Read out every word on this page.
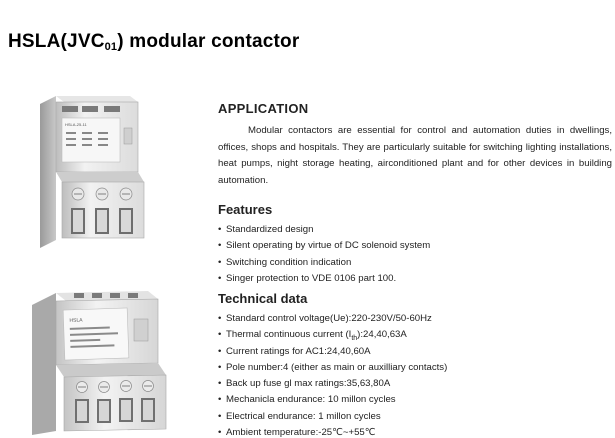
$HSLA(JVC_{01})$ modular contactor
HSLA-25-11
HSLA
APPLICATION

Modular contactors are essential for control and automation duties in dwellings, offices, shops and hospitals. They are particularly suitable for switching lighting installations, heat pumps, night storage heating, airconditioned plant and for other devices in building automation.

Features
• Standardized design
• Silent operating by virtue of DC solenoid system
• Switching condition indication
• Singer protection to VDE 0106 part 100.
Technical data
• Standard control voltage(Ue):220-230V/50-60Hz
• Thermal continuous current $(I_{th}):24,40,63A$
• Current ratings for AC1:24,40,60A
• Pole number:4 (either as main or auxilliary contacts)
• Back up fuse gl max ratings:35,63,80A
• Mechanicla endurance: 10 millon cycles
• Electrical endurance: 1 millon cycles
• Ambient temperature:-25℃~+55℃
